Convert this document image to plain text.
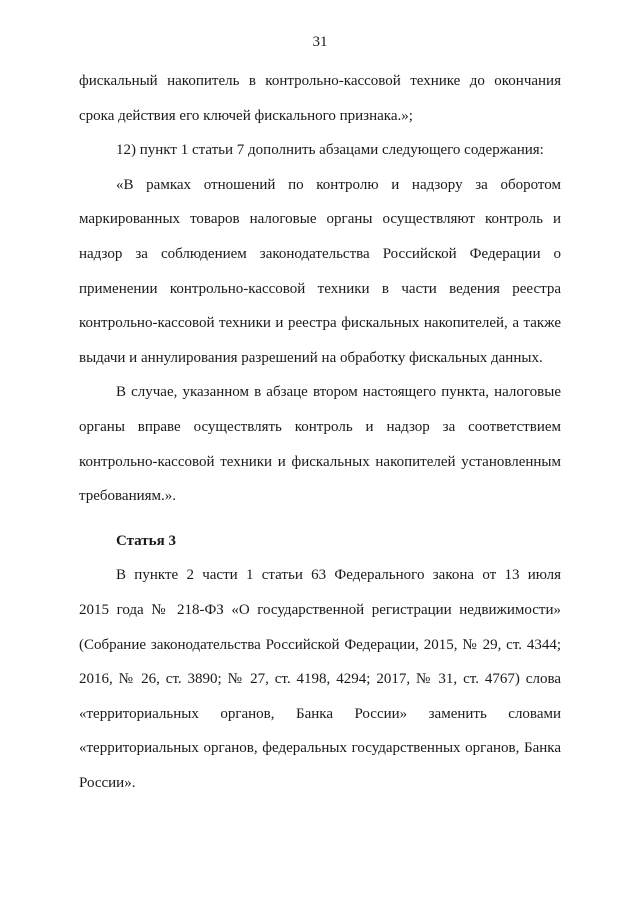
31
фискальный накопитель в контрольно-кассовой технике до окончания
срока действия его ключей фискального признака.»;
12) пункт 1 статьи 7 дополнить абзацами следующего содержания:
«В рамках отношений по контролю и надзору за оборотом
маркированных товаров налоговые органы осуществляют контроль и
надзор за соблюдением законодательства Российской Федерации о
применении контрольно-кассовой техники в части ведения реестра
контрольно-кассовой техники и реестра фискальных накопителей, а также
выдачи и аннулирования разрешений на обработку фискальных данных.
В случае, указанном в абзаце втором настоящего пункта, налоговые
органы вправе осуществлять контроль и надзор за соответствием
контрольно-кассовой техники и фискальных накопителей установленным
требованиям.».
Статья 3
В пункте 2 части 1 статьи 63 Федерального закона от 13 июля
2015 года № 218-ФЗ «О государственной регистрации недвижимости»
(Собрание законодательства Российской Федерации, 2015, № 29, ст. 4344;
2016, № 26, ст. 3890; № 27, ст. 4198, 4294; 2017, № 31, ст. 4767) слова
«территориальных органов, Банка России» заменить словами
«территориальных органов, федеральных государственных органов, Банка
России».
